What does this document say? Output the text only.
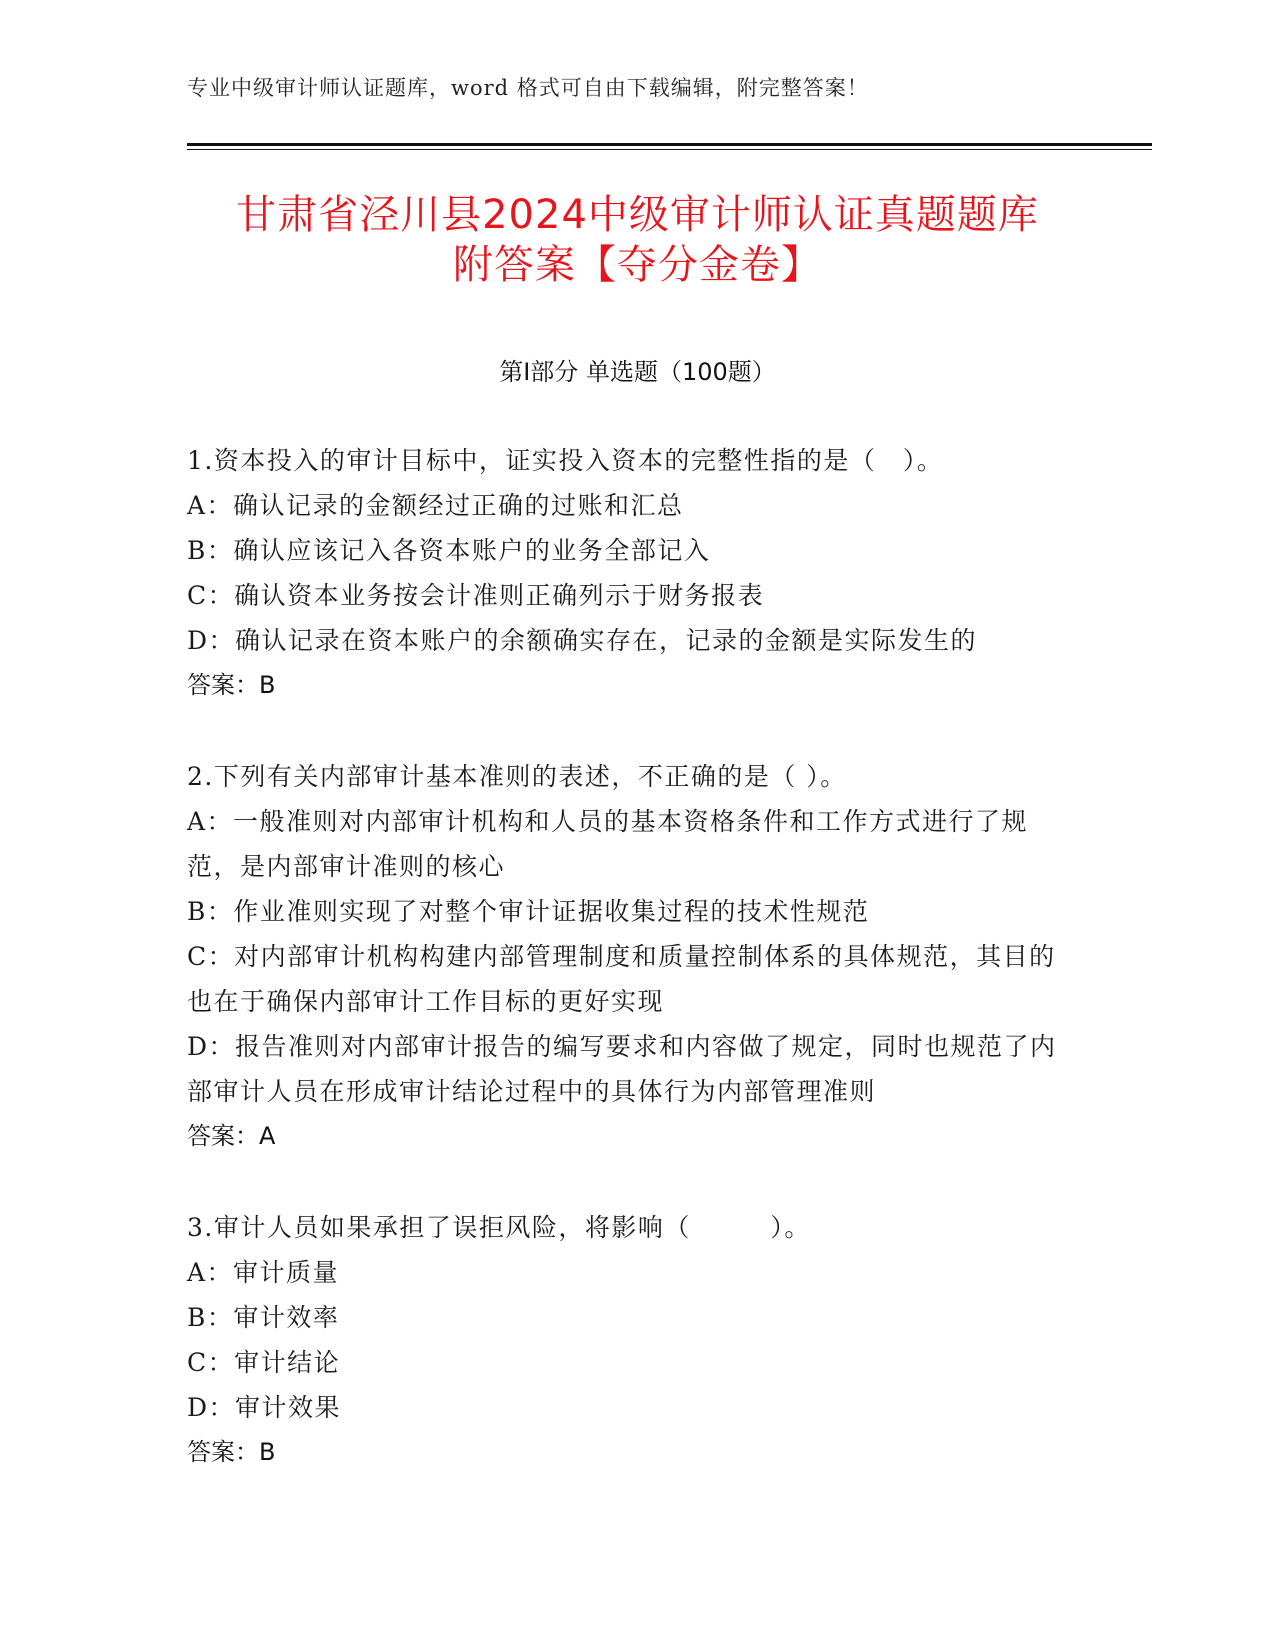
专业中级审计师认证题库，word 格式可自由下载编辑，附完整答案！
甘肃省泾川县2024中级审计师认证真题题库
附答案【夺分金卷】
第Ⅰ部分 单选题（100题）
1.资本投入的审计目标中，证实投入资本的完整性指的是（　）。
A：确认记录的金额经过正确的过账和汇总
B：确认应该记入各资本账户的业务全部记入
C：确认资本业务按会计准则正确列示于财务报表
D：确认记录在资本账户的余额确实存在，记录的金额是实际发生的
答案：B
2.下列有关内部审计基本准则的表述，不正确的是（ ）。
A：一般准则对内部审计机构和人员的基本资格条件和工作方式进行了规范，是内部审计准则的核心
B：作业准则实现了对整个审计证据收集过程的技术性规范
C：对内部审计机构构建内部管理制度和质量控制体系的具体规范，其目的也在于确保内部审计工作目标的更好实现
D：报告准则对内部审计报告的编写要求和内容做了规定，同时也规范了内部审计人员在形成审计结论过程中的具体行为内部管理准则
答案：A
3.审计人员如果承担了误拒风险，将影响（　　　）。
A：审计质量
B：审计效率
C：审计结论
D：审计效果
答案：B
